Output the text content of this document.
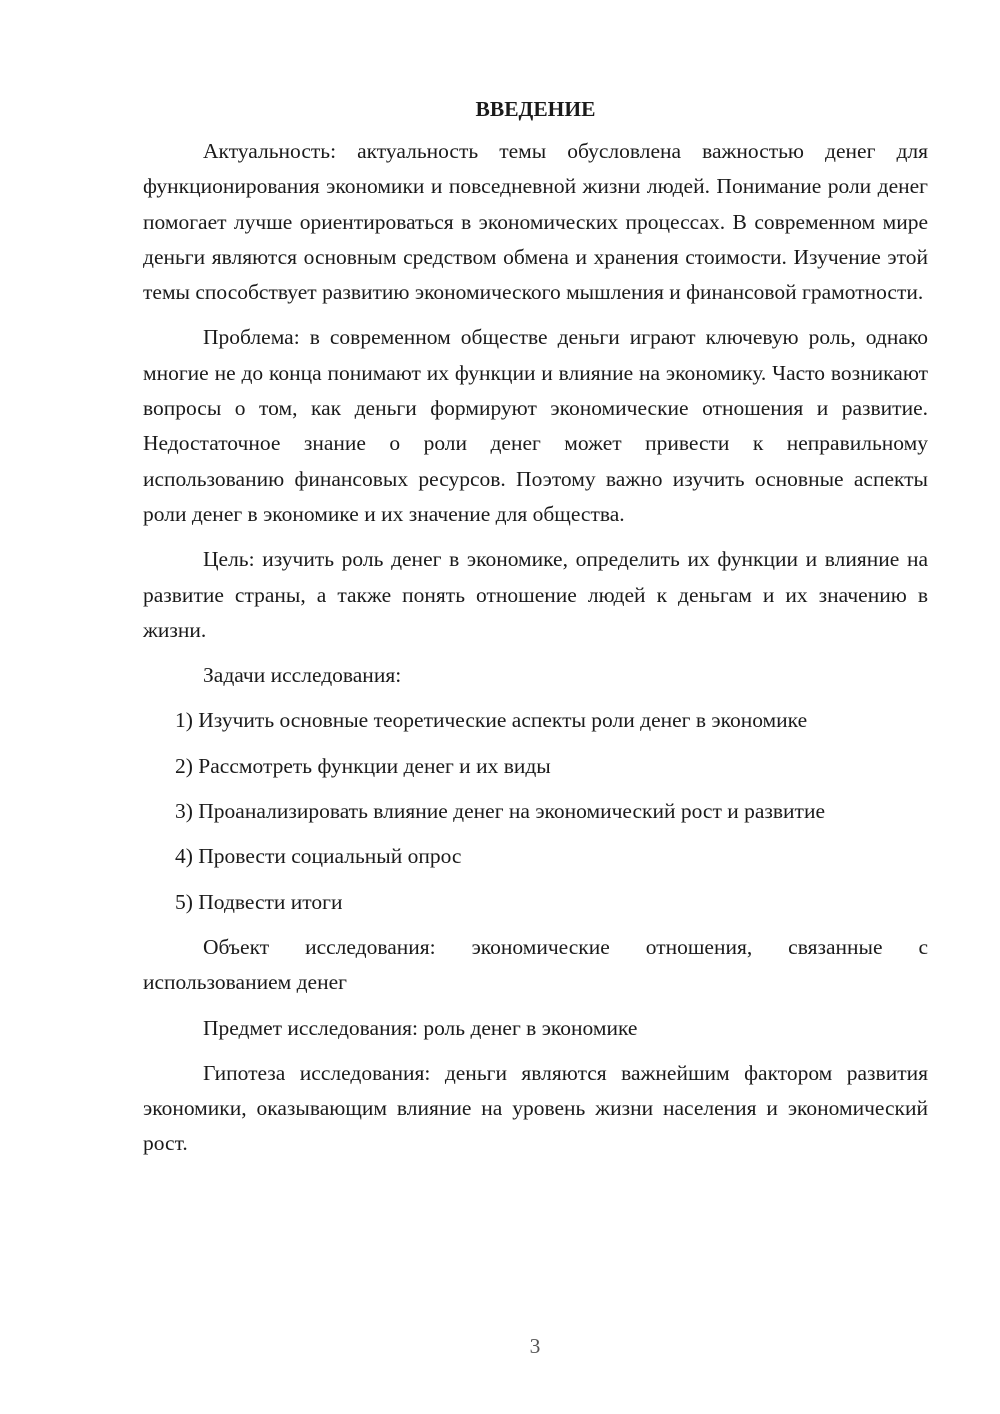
ВВЕДЕНИЕ

Актуальность: актуальность темы обусловлена важностью денег для функционирования экономики и повседневной жизни людей. Понимание роли денег помогает лучше ориентироваться в экономических процессах. В современном мире деньги являются основным средством обмена и хранения стоимости. Изучение этой темы способствует развитию экономического мышления и финансовой грамотности.

Проблема: в современном обществе деньги играют ключевую роль, однако многие не до конца понимают их функции и влияние на экономику. Часто возникают вопросы о том, как деньги формируют экономические отношения и развитие. Недостаточное знание о роли денег может привести к неправильному использованию финансовых ресурсов. Поэтому важно изучить основные аспекты роли денег в экономике и их значение для общества.

Цель: изучить роль денег в экономике, определить их функции и влияние на развитие страны, а также понять отношение людей к деньгам и их значению в жизни.

Задачи исследования:

1) Изучить основные теоретические аспекты роли денег в экономике
2) Рассмотреть функции денег и их виды
3) Проанализировать влияние денег на экономический рост и развитие
4) Провести социальный опрос
5) Подвести итоги

Объект исследования: экономические отношения, связанные с использованием денег

Предмет исследования: роль денег в экономике

Гипотеза исследования: деньги являются важнейшим фактором развития экономики, оказывающим влияние на уровень жизни населения и экономический рост.

3
